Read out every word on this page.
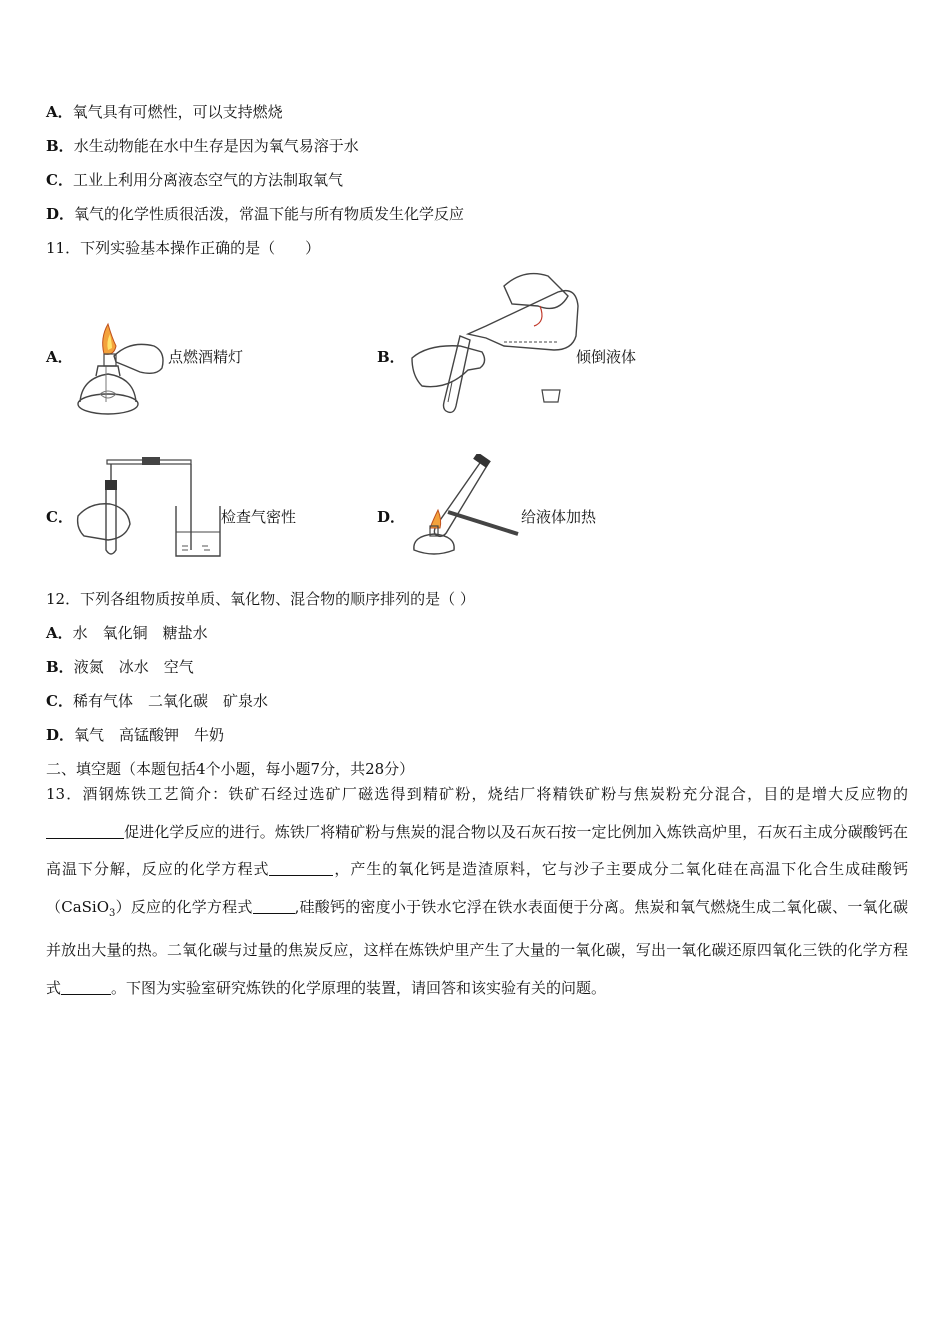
A．氧气具有可燃性，可以支持燃烧
B．水生动物能在水中生存是因为氧气易溶于水
C．工业上利用分离液态空气的方法制取氧气
D．氧气的化学性质很活泼，常温下能与所有物质发生化学反应
11．下列实验基本操作正确的是（　　）
A．	点燃酒精灯	B．	倾倒液体
C．	检查气密性	D．	给液体加热
12．下列各组物质按单质、氧化物、混合物的顺序排列的是（ ）
A．水　氧化铜　糖盐水
B．液氮　冰水　空气
C．稀有气体　二氧化碳　矿泉水
D．氧气　高锰酸钾　牛奶
二、填空题（本题包括4个小题，每小题7分，共28分）
13．酒钢炼铁工艺简介：铁矿石经过选矿厂磁选得到精矿粉，烧结厂将精铁矿粉与焦炭粉充分混合，目的是增大反应物的促进化学反应的进行。炼铁厂将精矿粉与焦炭的混合物以及石灰石按一定比例加入炼铁高炉里，石灰石主成分碳酸钙在高温下分解，反应的化学方程式	，产生的氧化钙是造渣原料，它与沙子主要成分二氧化硅在高温下化合生成硅酸钙（CaSiO$_3$）反应的化学方程式	,硅酸钙的密度小于铁水它浮在铁水表面便于分离。焦炭和氧气燃烧生成二氧化碳、一氧化碳并放出大量的热。二氧化碳与过量的焦炭反应，这样在炼铁炉里产生了大量的一氧化碳，写出一氧化碳还原四氧化三铁的化学方程式	。下图为实验室研究炼铁的化学原理的装置，请回答和该实验有关的问题。
